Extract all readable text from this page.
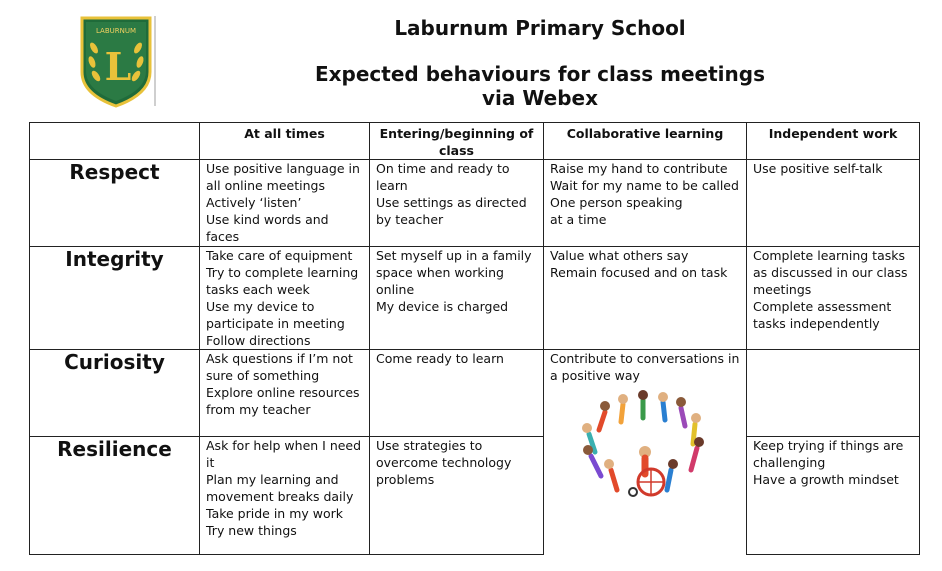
LABURNUM
L
Laburnum Primary School
Expected behaviours for class meetings via Webex
	At all times	Entering/beginning of class	Collaborative learning	Independent work
Respect	Use positive language in all online meetings
Actively ‘listen’
Use kind words and faces	On time and ready to learn
Use settings as directed by teacher	Raise my hand to contribute
Wait for my name to be called
One person speaking
at a time	Use positive self-talk

Integrity	Take care of equipment
Try to complete learning tasks each week
Use my device to participate in meeting
Follow directions	Set myself up in a family space when working online
My device is charged	Value what others say
Remain focused and on task	Complete learning tasks as discussed in our class meetings
Complete assessment tasks independently

Curiosity	Ask questions if I’m not sure of something
Explore online resources from my teacher	Come ready to learn	Contribute to conversations in a positive way	

Resilience	Ask for help when I need it
Plan my learning and movement breaks daily
Take pride in my work
Try new things	Use strategies to overcome technology problems		Keep trying if things are challenging
Have a growth mindset
